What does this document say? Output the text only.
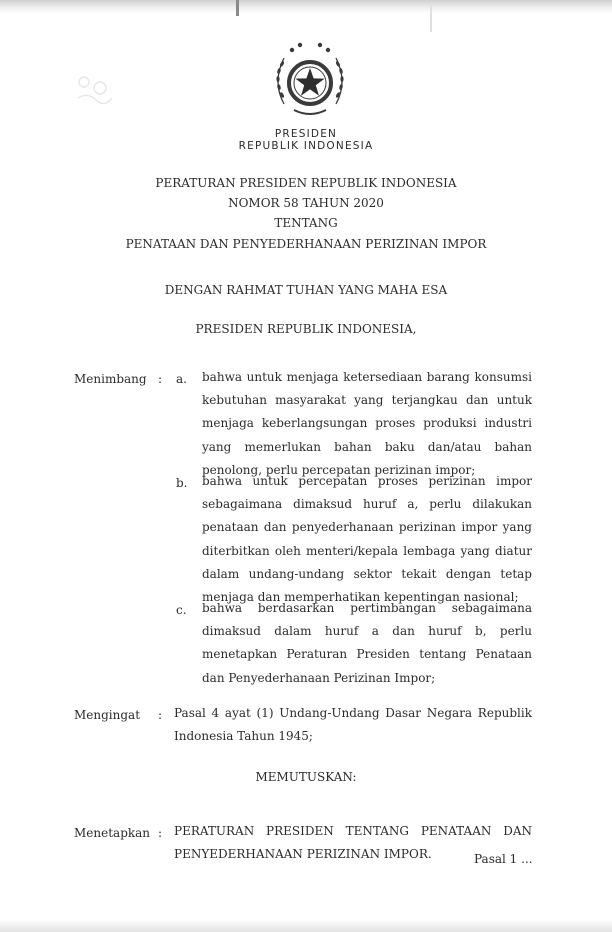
PRESIDEN
REPUBLIK INDONESIA
PERATURAN PRESIDEN REPUBLIK INDONESIA
NOMOR 58 TAHUN 2020
TENTANG
PENATAAN DAN PENYEDERHANAAN PERIZINAN IMPOR
DENGAN RAHMAT TUHAN YANG MAHA ESA
PRESIDEN REPUBLIK INDONESIA,
Menimbang : a. bahwa untuk menjaga ketersediaan barang konsumsi kebutuhan masyarakat yang terjangkau dan untuk menjaga keberlangsungan proses produksi industri yang memerlukan bahan baku dan/atau bahan penolong, perlu percepatan perizinan impor;

b. bahwa untuk percepatan proses perizinan impor sebagaimana dimaksud huruf a, perlu dilakukan penataan dan penyederhanaan perizinan impor yang diterbitkan oleh menteri/kepala lembaga yang diatur dalam undang-undang sektor tekait dengan tetap menjaga dan memperhatikan kepentingan nasional;

c. bahwa berdasarkan pertimbangan sebagaimana dimaksud dalam huruf a dan huruf b, perlu menetapkan Peraturan Presiden tentang Penataan dan Penyederhanaan Perizinan Impor;

Mengingat : Pasal 4 ayat (1) Undang-Undang Dasar Negara Republik Indonesia Tahun 1945;

MEMUTUSKAN:
Menetapkan : PERATURAN PRESIDEN TENTANG PENATAAN DAN PENYEDERHANAAN PERIZINAN IMPOR.	Pasal 1 ...
